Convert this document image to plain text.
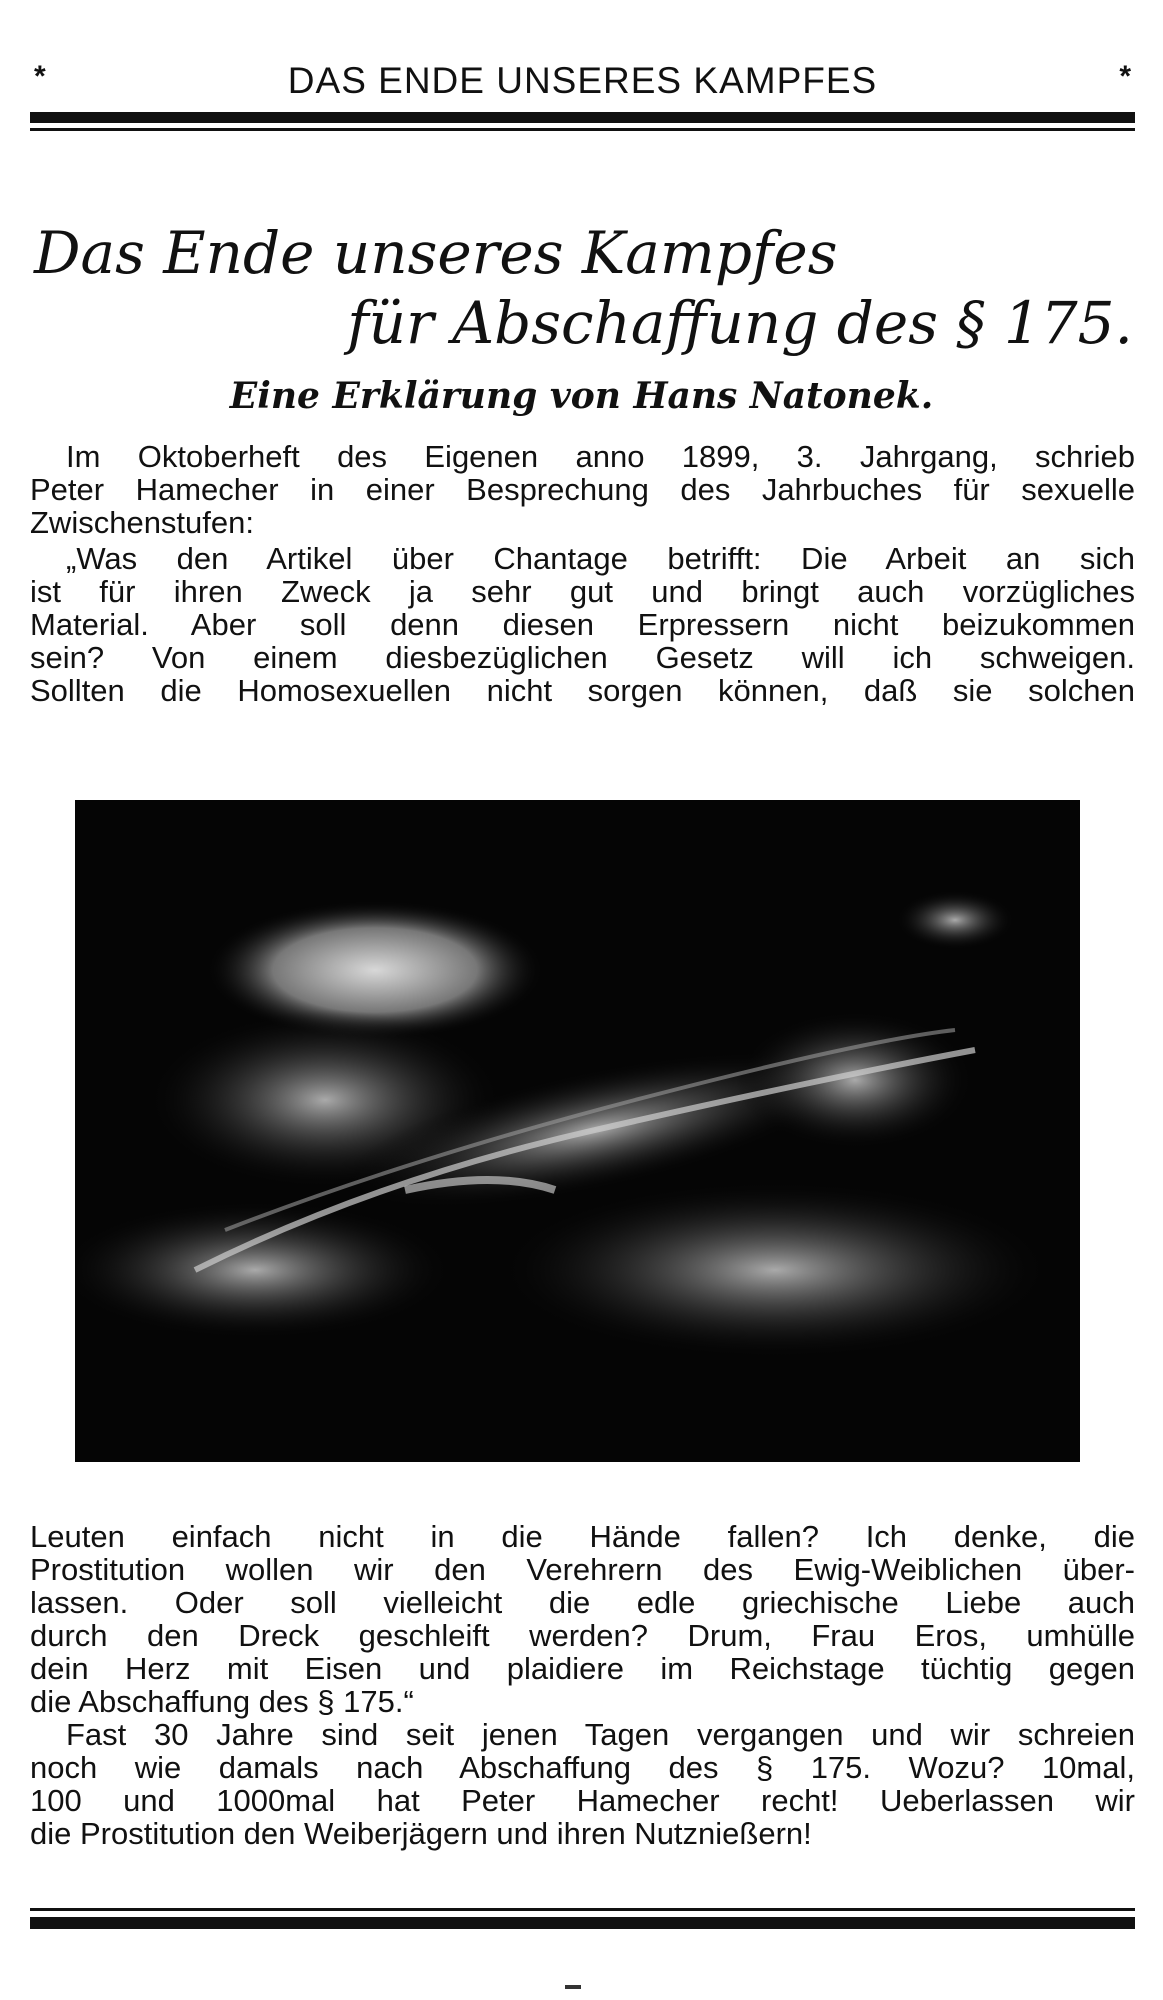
*	DAS ENDE UNSERES KAMPFES	*
Das Ende unseres Kampfes
für Abschaffung des § 175.
Eine Erklärung von Hans Natonek.
Im Oktoberheft des Eigenen anno 1899, 3. Jahrgang, schrieb
Peter Hamecher in einer Besprechung des Jahrbuches für sexuelle
Zwischenstufen:
„Was den Artikel über Chantage betrifft: Die Arbeit an sich
ist für ihren Zweck ja sehr gut und bringt auch vorzügliches
Material. Aber soll denn diesen Erpressern nicht beizukommen
sein? Von einem diesbezüglichen Gesetz will ich schweigen.
Sollten die Homosexuellen nicht sorgen können, daß sie solchen
Leuten einfach nicht in die Hände fallen? Ich denke, die
Prostitution wollen wir den Verehrern des Ewig-Weiblichen über-
lassen. Oder soll vielleicht die edle griechische Liebe auch
durch den Dreck geschleift werden? Drum, Frau Eros, umhülle
dein Herz mit Eisen und plaidiere im Reichstage tüchtig gegen
die Abschaffung des § 175.“
Fast 30 Jahre sind seit jenen Tagen vergangen und wir schreien
noch wie damals nach Abschaffung des § 175. Wozu? 10mal,
100 und 1000mal hat Peter Hamecher recht! Ueberlassen wir
die Prostitution den Weiberjägern und ihren Nutznießern!
